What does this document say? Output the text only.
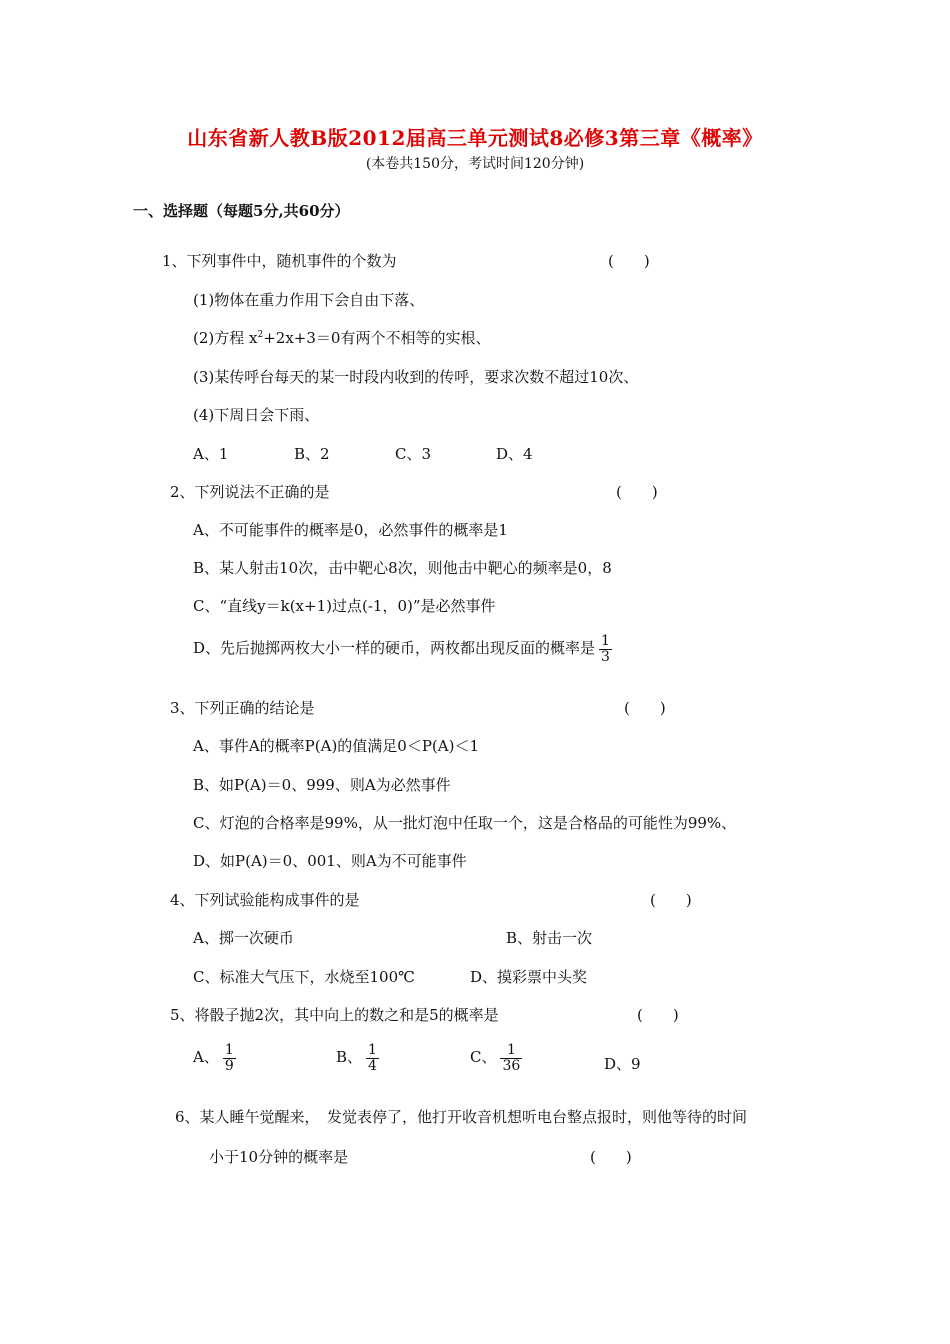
山东省新人教B版2012届高三单元测试8必修3第三章《概率》
(本卷共150分，考试时间120分钟)
一、选择题（每题5分,共60分）
1、下列事件中，随机事件的个数为	(　　)
(1)物体在重力作用下会自由下落、
(2)方程 $x^2+2x+3=0$有两个不相等的实根、
(3)某传呼台每天的某一时段内收到的传呼，要求次数不超过10次、
(4)下周日会下雨、
A、1	B、2	C、3	D、4
2、下列说法不正确的是	(　　)
A、不可能事件的概率是0，必然事件的概率是1
B、某人射击10次，击中靶心8次，则他击中靶心的频率是0，8
C、“直线y＝k(x+1)过点(-1，0)”是必然事件
D、先后抛掷两枚大小一样的硬币，两枚都出现反面的概率是 $\frac{1}{3}$
3、下列正确的结论是	(　　)
A、事件A的概率P(A)的值满足0＜P(A)＜1
B、如P(A)＝0、999、则A为必然事件
C、灯泡的合格率是99%，从一批灯泡中任取一个，这是合格品的可能性为99%、
D、如P(A)＝0、001、则A为不可能事件
4、下列试验能构成事件的是	(　　)
A、掷一次硬币	B、射击一次
C、标准大气压下，水烧至100℃	D、摸彩票中头奖
5、将骰子抛2次，其中向上的数之和是5的概率是	(　　)
A、 $\frac{1}{9}$	B、 $\frac{1}{4}$	C、 $\frac{1}{36}$	D、9
6、某人睡午觉醒来，　发觉表停了，他打开收音机想听电台整点报时，则他等待的时间
小于10分钟的概率是	(　　)
